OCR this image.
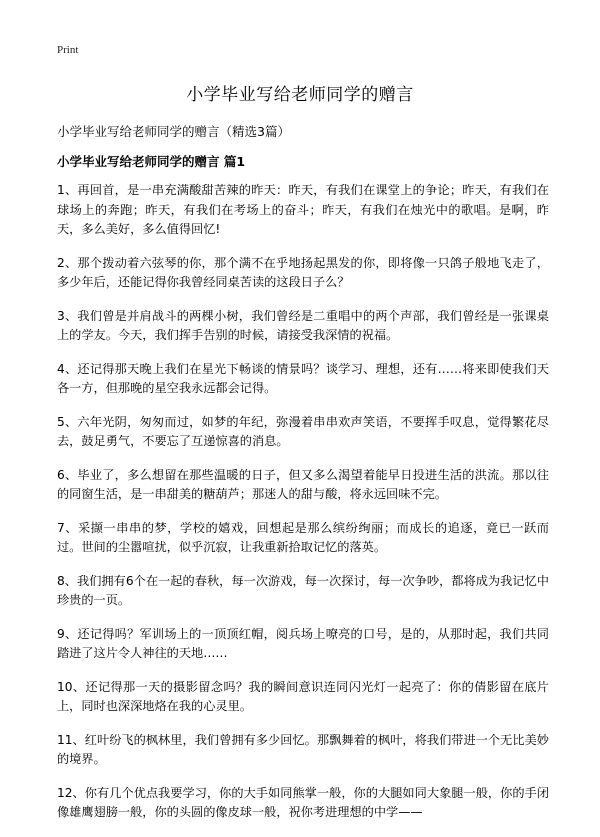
Print
小学毕业写给老师同学的赠言

小学毕业写给老师同学的赠言（精选3篇）

小学毕业写给老师同学的赠言 篇1

1、再回首，是一串充满酸甜苦辣的昨天：昨天，有我们在课堂上的争论；昨天，有我们在球场上的奔跑；昨天，有我们在考场上的奋斗；昨天，有我们在烛光中的歌唱。是啊，昨天，多么美好，多么值得回忆!

2、那个拨动着六弦琴的你，那个满不在乎地扬起黑发的你，即将像一只鸽子般地飞走了，多少年后，还能记得你我曾经同桌苦读的这段日子么？

3、我们曾是并肩战斗的两棵小树，我们曾经是二重唱中的两个声部，我们曾经是一张课桌上的学友。今天，我们挥手告别的时候，请接受我深情的祝福。

4、还记得那天晚上我们在星光下畅谈的情景吗？谈学习、理想，还有……将来即使我们天各一方，但那晚的星空我永远都会记得。

5、六年光阴，匆匆而过，如梦的年纪，弥漫着串串欢声笑语，不要挥手叹息，觉得繁花尽去，鼓足勇气，不要忘了互递惊喜的消息。

6、毕业了，多么想留在那些温暖的日子，但又多么渴望着能早日投进生活的洪流。那以往的同窗生活，是一串甜美的糖葫芦；那迷人的甜与酸，将永远回味不完。

7、采撷一串串的梦，学校的嬉戏，回想起是那么缤纷绚丽；而成长的追逐，竟已一跃而过。世间的尘嚣喧扰，似乎沉寂，让我重新拾取记忆的落英。

8、我们拥有6个在一起的春秋，每一次游戏，每一次探讨，每一次争吵，都将成为我记忆中珍贵的一页。

9、还记得吗？军训场上的一顶顶红帽，阅兵场上嘹亮的口号，是的，从那时起，我们共同踏进了这片令人神往的天地……

10、还记得那一天的摄影留念吗？我的瞬间意识连同闪光灯一起亮了：你的倩影留在底片上，同时也深深地烙在我的心灵里。

11、红叶纷飞的枫林里，我们曾拥有多少回忆。那飘舞着的枫叶，将我们带进一个无比美妙的境界。

12、你有几个优点我要学习，你的大手如同熊掌一般，你的大腿如同大象腿一般，你的手闭像雄鹰翅膀一般，你的头圆的像皮球一般，祝你考进理想的中学——
